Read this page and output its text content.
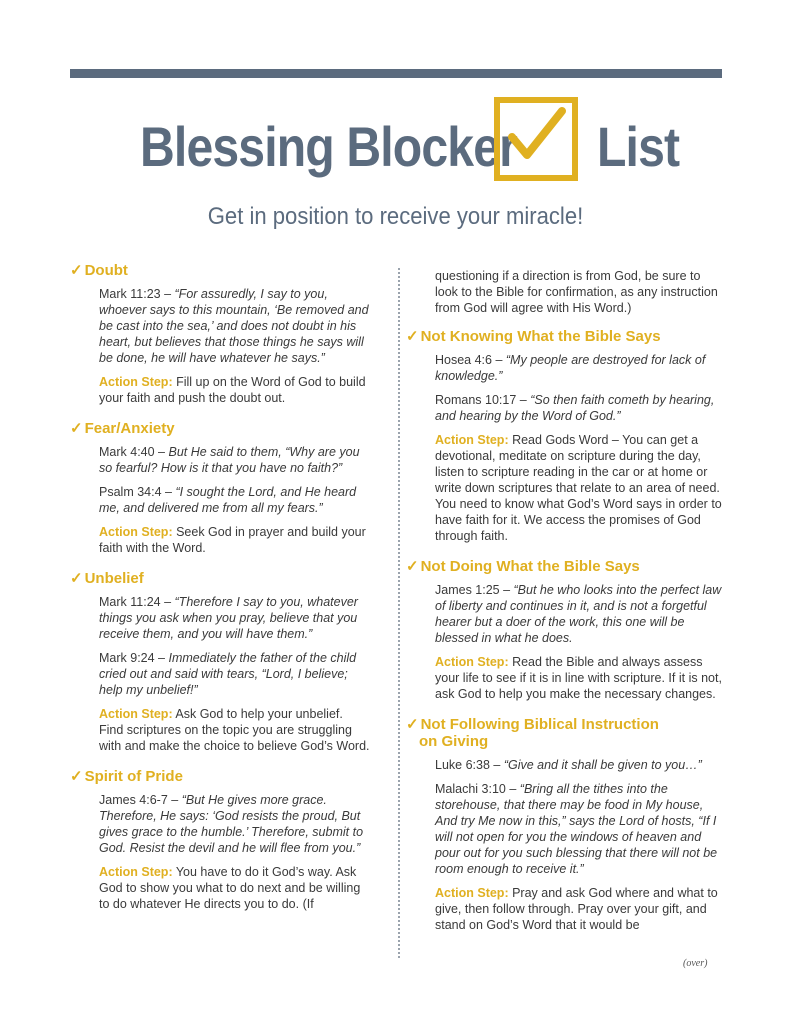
Blessing Blocker List
Get in position to receive your miracle!
✓ Doubt

Mark 11:23 – “For assuredly, I say to you, whoever says to this mountain, ‘Be removed and be cast into the sea,’ and does not doubt in his heart, but believes that those things he says will be done, he will have whatever he says.”

Action Step: Fill up on the Word of God to build your faith and push the doubt out.

✓ Fear/Anxiety

Mark 4:40 – But He said to them, “Why are you so fearful? How is it that you have no faith?”

Psalm 34:4 – “I sought the Lord, and He heard me, and delivered me from all my fears.”

Action Step: Seek God in prayer and build your faith with the Word.

✓ Unbelief

Mark 11:24 – “Therefore I say to you, whatever things you ask when you pray, believe that you receive them, and you will have them.”

Mark 9:24 – Immediately the father of the child cried out and said with tears, “Lord, I believe; help my unbelief!”

Action Step: Ask God to help your unbelief. Find scriptures on the topic you are struggling with and make the choice to believe God’s Word.

✓ Spirit of Pride

James 4:6-7 – “But He gives more grace. Therefore, He says: ‘God resists the proud, But gives grace to the humble.’ Therefore, submit to God. Resist the devil and he will flee from you.”

Action Step: You have to do it God’s way. Ask God to show you what to do next and be willing to do whatever He directs you to do. (If

questioning if a direction is from God, be sure to look to the Bible for confirmation, as any instruction from God will agree with His Word.)

✓ Not Knowing What the Bible Says

Hosea 4:6 – “My people are destroyed for lack of knowledge.”

Romans 10:17 – “So then faith cometh by hearing, and hearing by the Word of God.”

Action Step: Read Gods Word – You can get a devotional, meditate on scripture during the day, listen to scripture reading in the car or at home or write down scriptures that relate to an area of need. You need to know what God’s Word says in order to have faith for it. We access the promises of God through faith.

✓ Not Doing What the Bible Says

James 1:25 – “But he who looks into the perfect law of liberty and continues in it, and is not a forgetful hearer but a doer of the work, this one will be blessed in what he does.

Action Step: Read the Bible and always assess your life to see if it is in line with scripture. If it is not, ask God to help you make the necessary changes.

✓ Not Following Biblical Instruction
on Giving

Luke 6:38 – “Give and it shall be given to you…”

Malachi 3:10 – “Bring all the tithes into the storehouse, that there may be food in My house, And try Me now in this,” says the Lord of hosts, “If I will not open for you the windows of heaven and pour out for you such blessing that there will not be room enough to receive it.”

Action Step: Pray and ask God where and what to give, then follow through. Pray over your gift, and stand on God’s Word that it would be

(over)
